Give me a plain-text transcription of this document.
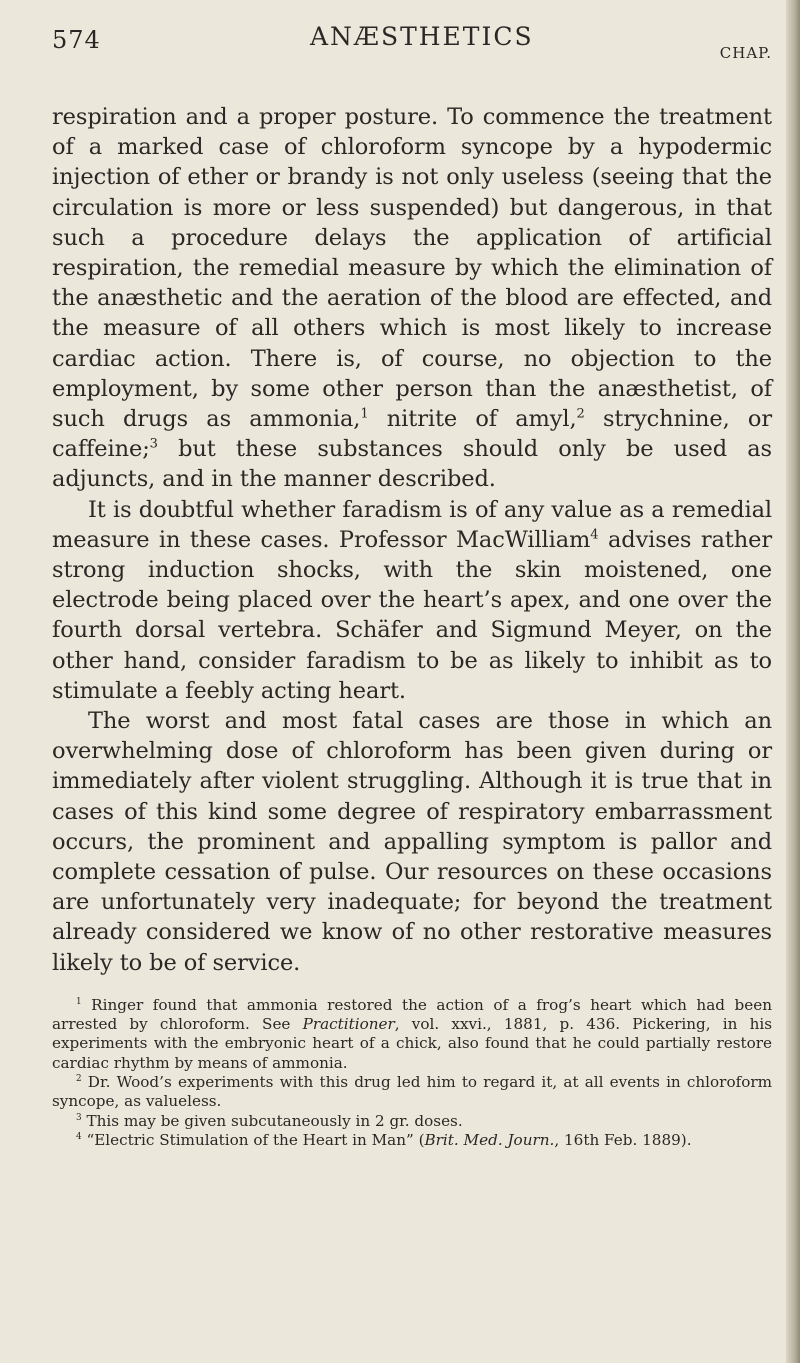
574	ANÆSTHETICS
CHAP.

respiration and a proper posture. To commence the treatment of a marked case of chloroform syncope by a hypodermic injection of ether or brandy is not only useless (seeing that the circulation is more or less suspended) but dangerous, in that such a procedure delays the application of artificial respiration, the remedial measure by which the elimination of the anæsthetic and the aeration of the blood are effected, and the measure of all others which is most likely to increase cardiac action. There is, of course, no objection to the employment, by some other person than the anæsthetist, of such drugs as ammonia,$^1$ nitrite of amyl,$^2$ strychnine, or caffeine;$^3$ but these substances should only be used as adjuncts, and in the manner described.

It is doubtful whether faradism is of any value as a remedial measure in these cases. Professor MacWilliam$^4$ advises rather strong induction shocks, with the skin moistened, one electrode being placed over the heart’s apex, and one over the fourth dorsal vertebra. Schäfer and Sigmund Meyer, on the other hand, consider faradism to be as likely to inhibit as to stimulate a feebly acting heart.

The worst and most fatal cases are those in which an overwhelming dose of chloroform has been given during or immediately after violent struggling. Although it is true that in cases of this kind some degree of respiratory embarrassment occurs, the prominent and appalling symptom is pallor and complete cessation of pulse. Our resources on these occasions are unfortunately very inadequate; for beyond the treatment already considered we know of no other restorative measures likely to be of service.

$^1$ Ringer found that ammonia restored the action of a frog’s heart which had been arrested by chloroform. See Practitioner, vol. xxvi., 1881, p. 436. Pickering, in his experiments with the embryonic heart of a chick, also found that he could partially restore cardiac rhythm by means of ammonia.

$^2$ Dr. Wood’s experiments with this drug led him to regard it, at all events in chloroform syncope, as valueless.

$^3$ This may be given subcutaneously in 2 gr. doses.

$^4$ “Electric Stimulation of the Heart in Man” (Brit. Med. Journ., 16th Feb. 1889).
